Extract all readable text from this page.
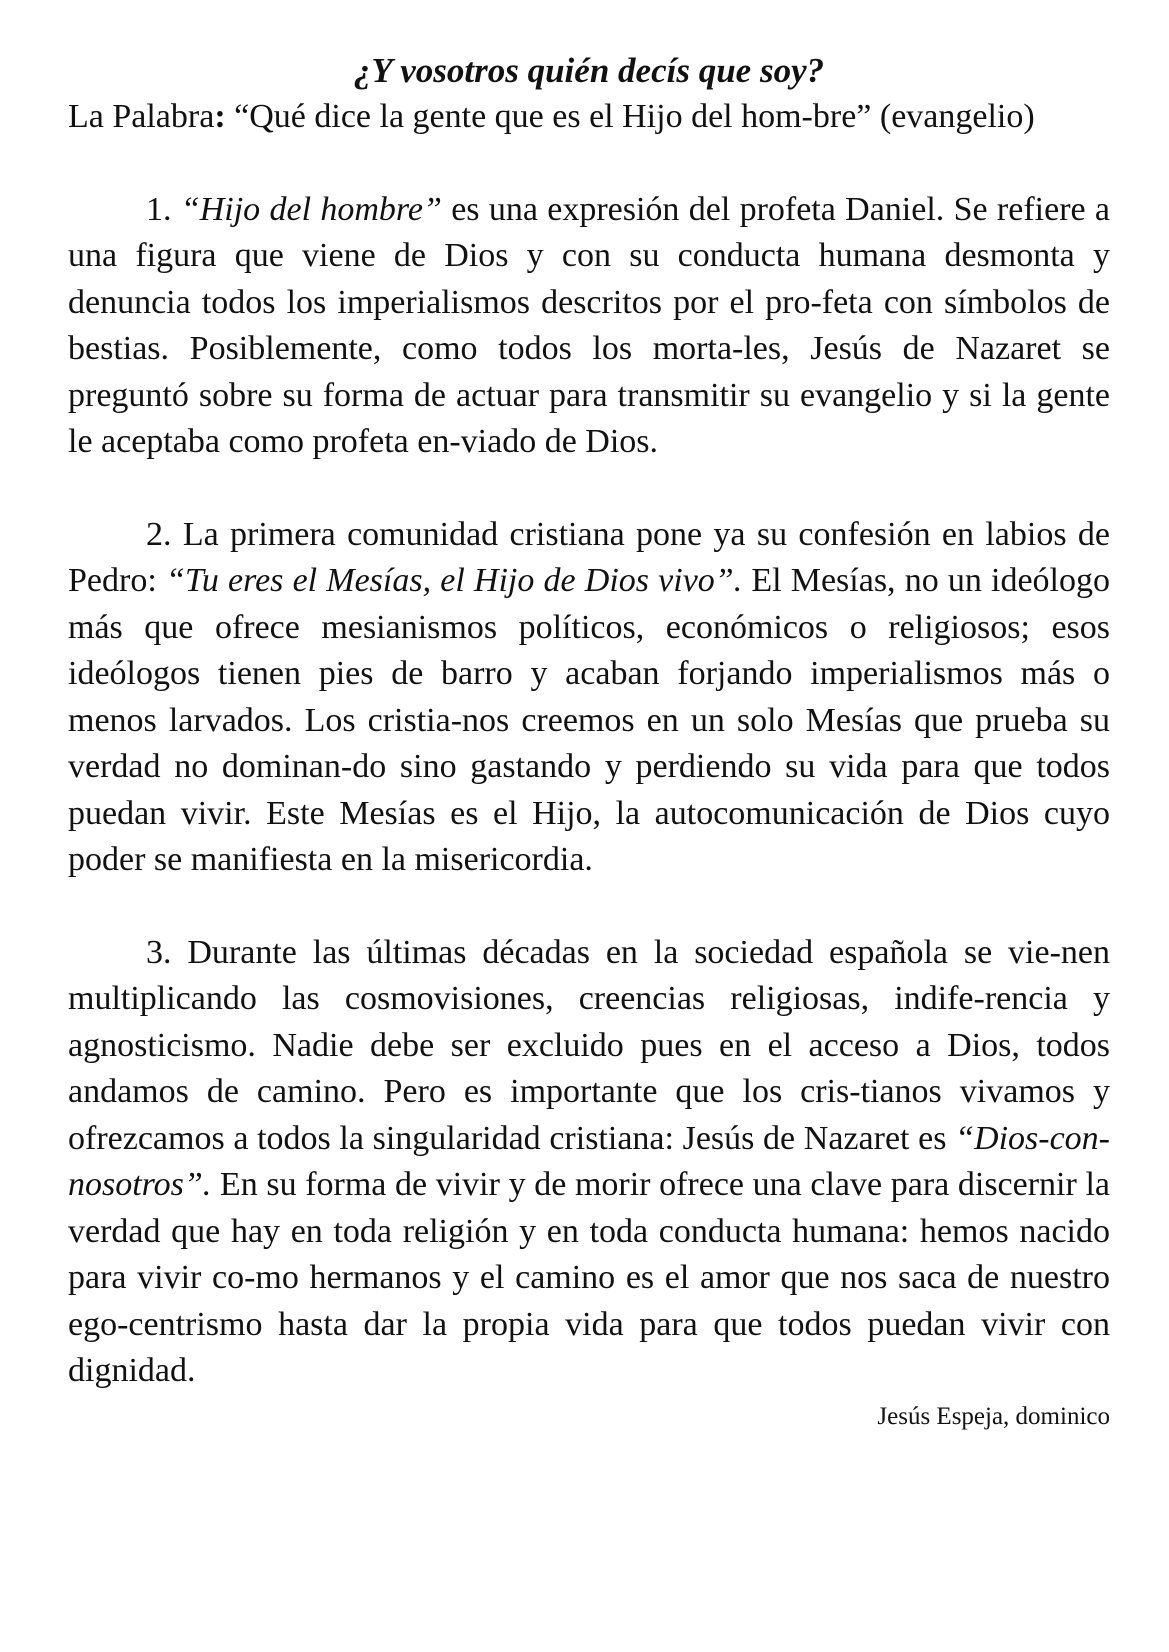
¿Y vosotros quién decís que soy?

La Palabra: “Qué dice la gente que es el Hijo del hom-bre” (evangelio)

1. “Hijo del hombre” es una expresión del profeta Daniel. Se refiere a una figura que viene de Dios y con su conducta humana desmonta y denuncia todos los imperialismos descritos por el pro-feta con símbolos de bestias. Posiblemente, como todos los morta-les, Jesús de Nazaret se preguntó sobre su forma de actuar para transmitir su evangelio y si la gente le aceptaba como profeta en-viado de Dios.

2. La primera comunidad cristiana pone ya su confesión en labios de Pedro: “Tu eres el Mesías, el Hijo de Dios vivo”. El Mesías, no un ideólogo más que ofrece mesianismos políticos, económicos o religiosos; esos ideólogos tienen pies de barro y acaban forjando imperialismos más o menos larvados. Los cristia-nos creemos en un solo Mesías que prueba su verdad no dominan-do sino gastando y perdiendo su vida para que todos puedan vivir. Este Mesías es el Hijo, la autocomunicación de Dios cuyo poder se manifiesta en la misericordia.

3. Durante las últimas décadas en la sociedad española se vie-nen multiplicando las cosmovisiones, creencias religiosas, indife-rencia y agnosticismo. Nadie debe ser excluido pues en el acceso a Dios, todos andamos de camino. Pero es importante que los cris-tianos vivamos y ofrezcamos a todos la singularidad cristiana: Jesús de Nazaret es “Dios-con-nosotros”. En su forma de vivir y de morir ofrece una clave para discernir la verdad que hay en toda religión y en toda conducta humana: hemos nacido para vivir co-mo hermanos y el camino es el amor que nos saca de nuestro ego-centrismo hasta dar la propia vida para que todos puedan vivir con dignidad.

Jesús Espeja, dominico
